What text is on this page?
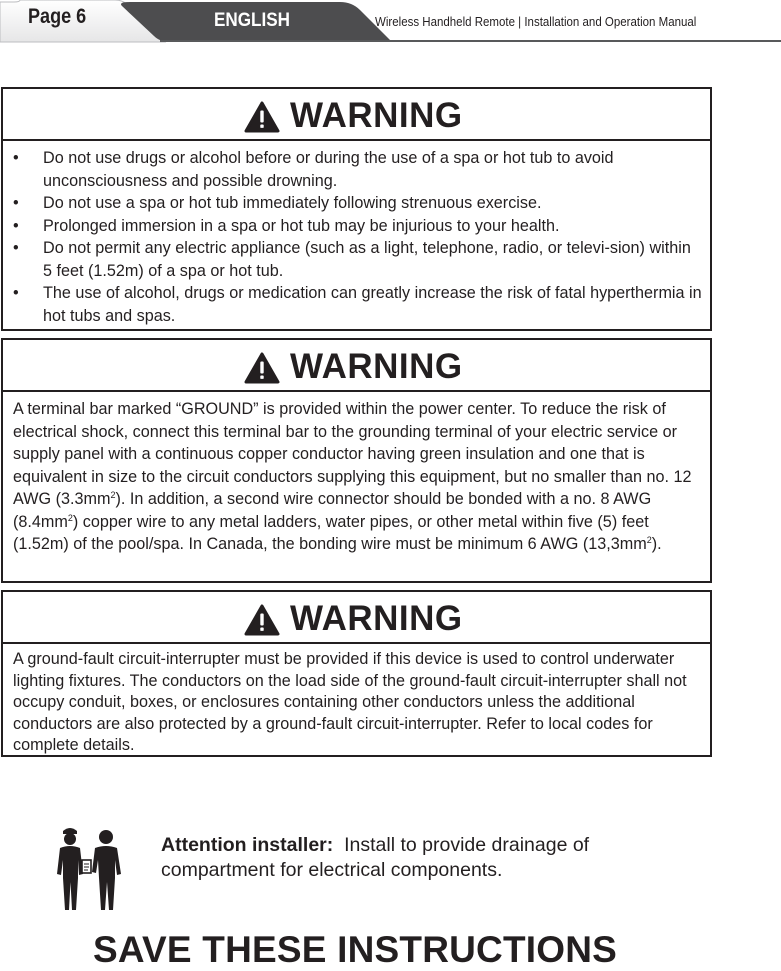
Page 6	ENGLISH	Wireless Handheld Remote | Installation and Operation Manual
WARNING
• Do not use drugs or alcohol before or during the use of a spa or hot tub to avoid unconsciousness and possible drowning.
• Do not use a spa or hot tub immediately following strenuous exercise.
• Prolonged immersion in a spa or hot tub may be injurious to your health.
• Do not permit any electric appliance (such as a light, telephone, radio, or televi-sion) within 5 feet (1.52m) of a spa or hot tub.
• The use of alcohol, drugs or medication can greatly increase the risk of fatal hyperthermia in hot tubs and spas.
WARNING
A terminal bar marked “GROUND” is provided within the power center. To reduce the risk of electrical shock, connect this terminal bar to the grounding terminal of your electric service or supply panel with a continuous copper conductor having green insulation and one that is equivalent in size to the circuit conductors supplying this equipment, but no smaller than no. 12 AWG $(3.3mm^2)$. In addition, a second wire connector should be bonded with a no. 8 AWG $(8.4mm^2)$ copper wire to any metal ladders, water pipes, or other metal within five (5) feet (1.52m) of the pool/spa. In Canada, the bonding wire must be minimum 6 AWG $(13,3mm^2)$.
WARNING
A ground-fault circuit-interrupter must be provided if this device is used to control underwater lighting fixtures. The conductors on the load side of the ground-fault circuit-interrupter shall not occupy conduit, boxes, or enclosures containing other conductors unless the additional conductors are also protected by a ground-fault circuit-interrupter. Refer to local codes for complete details.
Attention installer: Install to provide drainage of compartment for electrical components.
SAVE THESE INSTRUCTIONS
